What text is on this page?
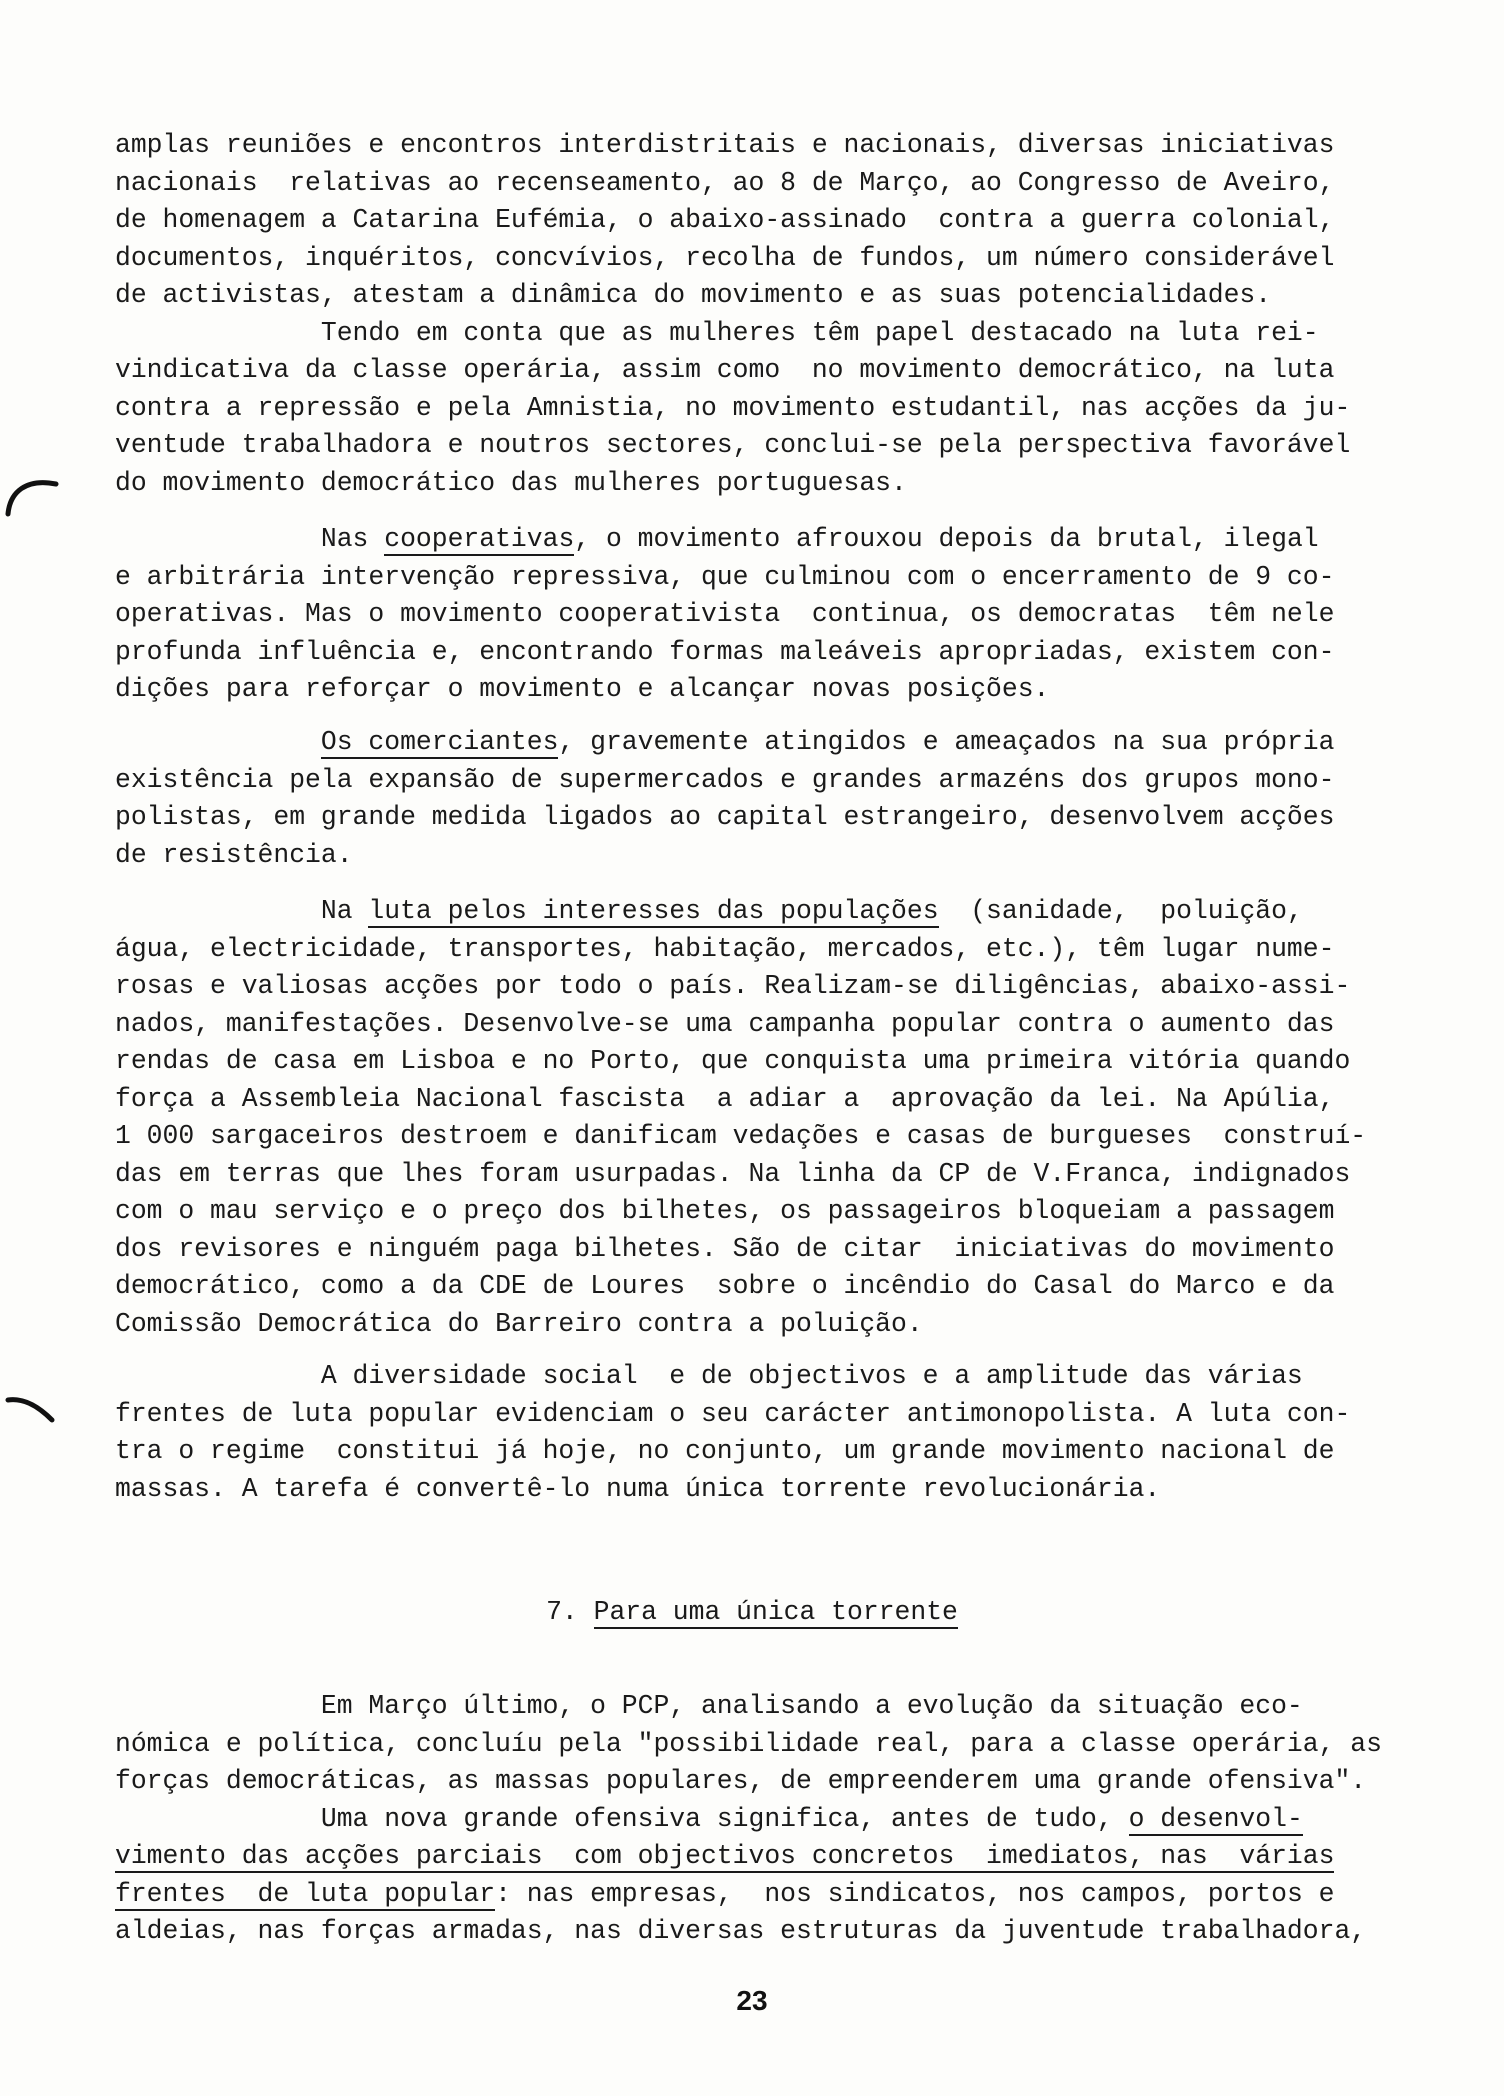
amplas reuniões e encontros interdistritais e nacionais, diversas iniciativas
nacionais  relativas ao recenseamento, ao 8 de Março, ao Congresso de Aveiro,
de homenagem a Catarina Eufémia, o abaixo-assinado  contra a guerra colonial,
documentos, inquéritos, concvívios, recolha de fundos, um número considerável
de activistas, atestam a dinâmica do movimento e as suas potencialidades.
Tendo em conta que as mulheres têm papel destacado na luta rei-
vindicativa da classe operária, assim como  no movimento democrático, na luta
contra a repressão e pela Amnistia, no movimento estudantil, nas acções da ju-
ventude trabalhadora e noutros sectores, conclui-se pela perspectiva favorável
do movimento democrático das mulheres portuguesas.
Nas cooperativas, o movimento afrouxou depois da brutal, ilegal
e arbitrária intervenção repressiva, que culminou com o encerramento de 9 co-
operativas. Mas o movimento cooperativista  continua, os democratas  têm nele
profunda influência e, encontrando formas maleáveis apropriadas, existem con-
dições para reforçar o movimento e alcançar novas posições.
Os comerciantes, gravemente atingidos e ameaçados na sua própria
existência pela expansão de supermercados e grandes armazéns dos grupos mono-
polistas, em grande medida ligados ao capital estrangeiro, desenvolvem acções
de resistência.
Na luta pelos interesses das populações  (sanidade,  poluição,
água, electricidade, transportes, habitação, mercados, etc.), têm lugar nume-
rosas e valiosas acções por todo o país. Realizam-se diligências, abaixo-assi-
nados, manifestações. Desenvolve-se uma campanha popular contra o aumento das
rendas de casa em Lisboa e no Porto, que conquista uma primeira vitória quando
força a Assembleia Nacional fascista  a adiar a  aprovação da lei. Na Apúlia,
1 000 sargaceiros destroem e danificam vedações e casas de burgueses  construí-
das em terras que lhes foram usurpadas. Na linha da CP de V.Franca, indignados
com o mau serviço e o preço dos bilhetes, os passageiros bloqueiam a passagem
dos revisores e ninguém paga bilhetes. São de citar  iniciativas do movimento
democrático, como a da CDE de Loures  sobre o incêndio do Casal do Marco e da
Comissão Democrática do Barreiro contra a poluição.
A diversidade social  e de objectivos e a amplitude das várias
frentes de luta popular evidenciam o seu carácter antimonopolista. A luta con-
tra o regime  constitui já hoje, no conjunto, um grande movimento nacional de
massas. A tarefa é convertê-lo numa única torrente revolucionária.
7. Para uma única torrente
Em Março último, o PCP, analisando a evolução da situação eco-
nómica e política, concluíu pela "possibilidade real, para a classe operária, as
forças democráticas, as massas populares, de empreenderem uma grande ofensiva".
Uma nova grande ofensiva significa, antes de tudo, o desenvol-
vimento das acções parciais  com objectivos concretos  imediatos, nas  várias
frentes  de luta popular: nas empresas,  nos sindicatos, nos campos, portos e
aldeias, nas forças armadas, nas diversas estruturas da juventude trabalhadora,
23
